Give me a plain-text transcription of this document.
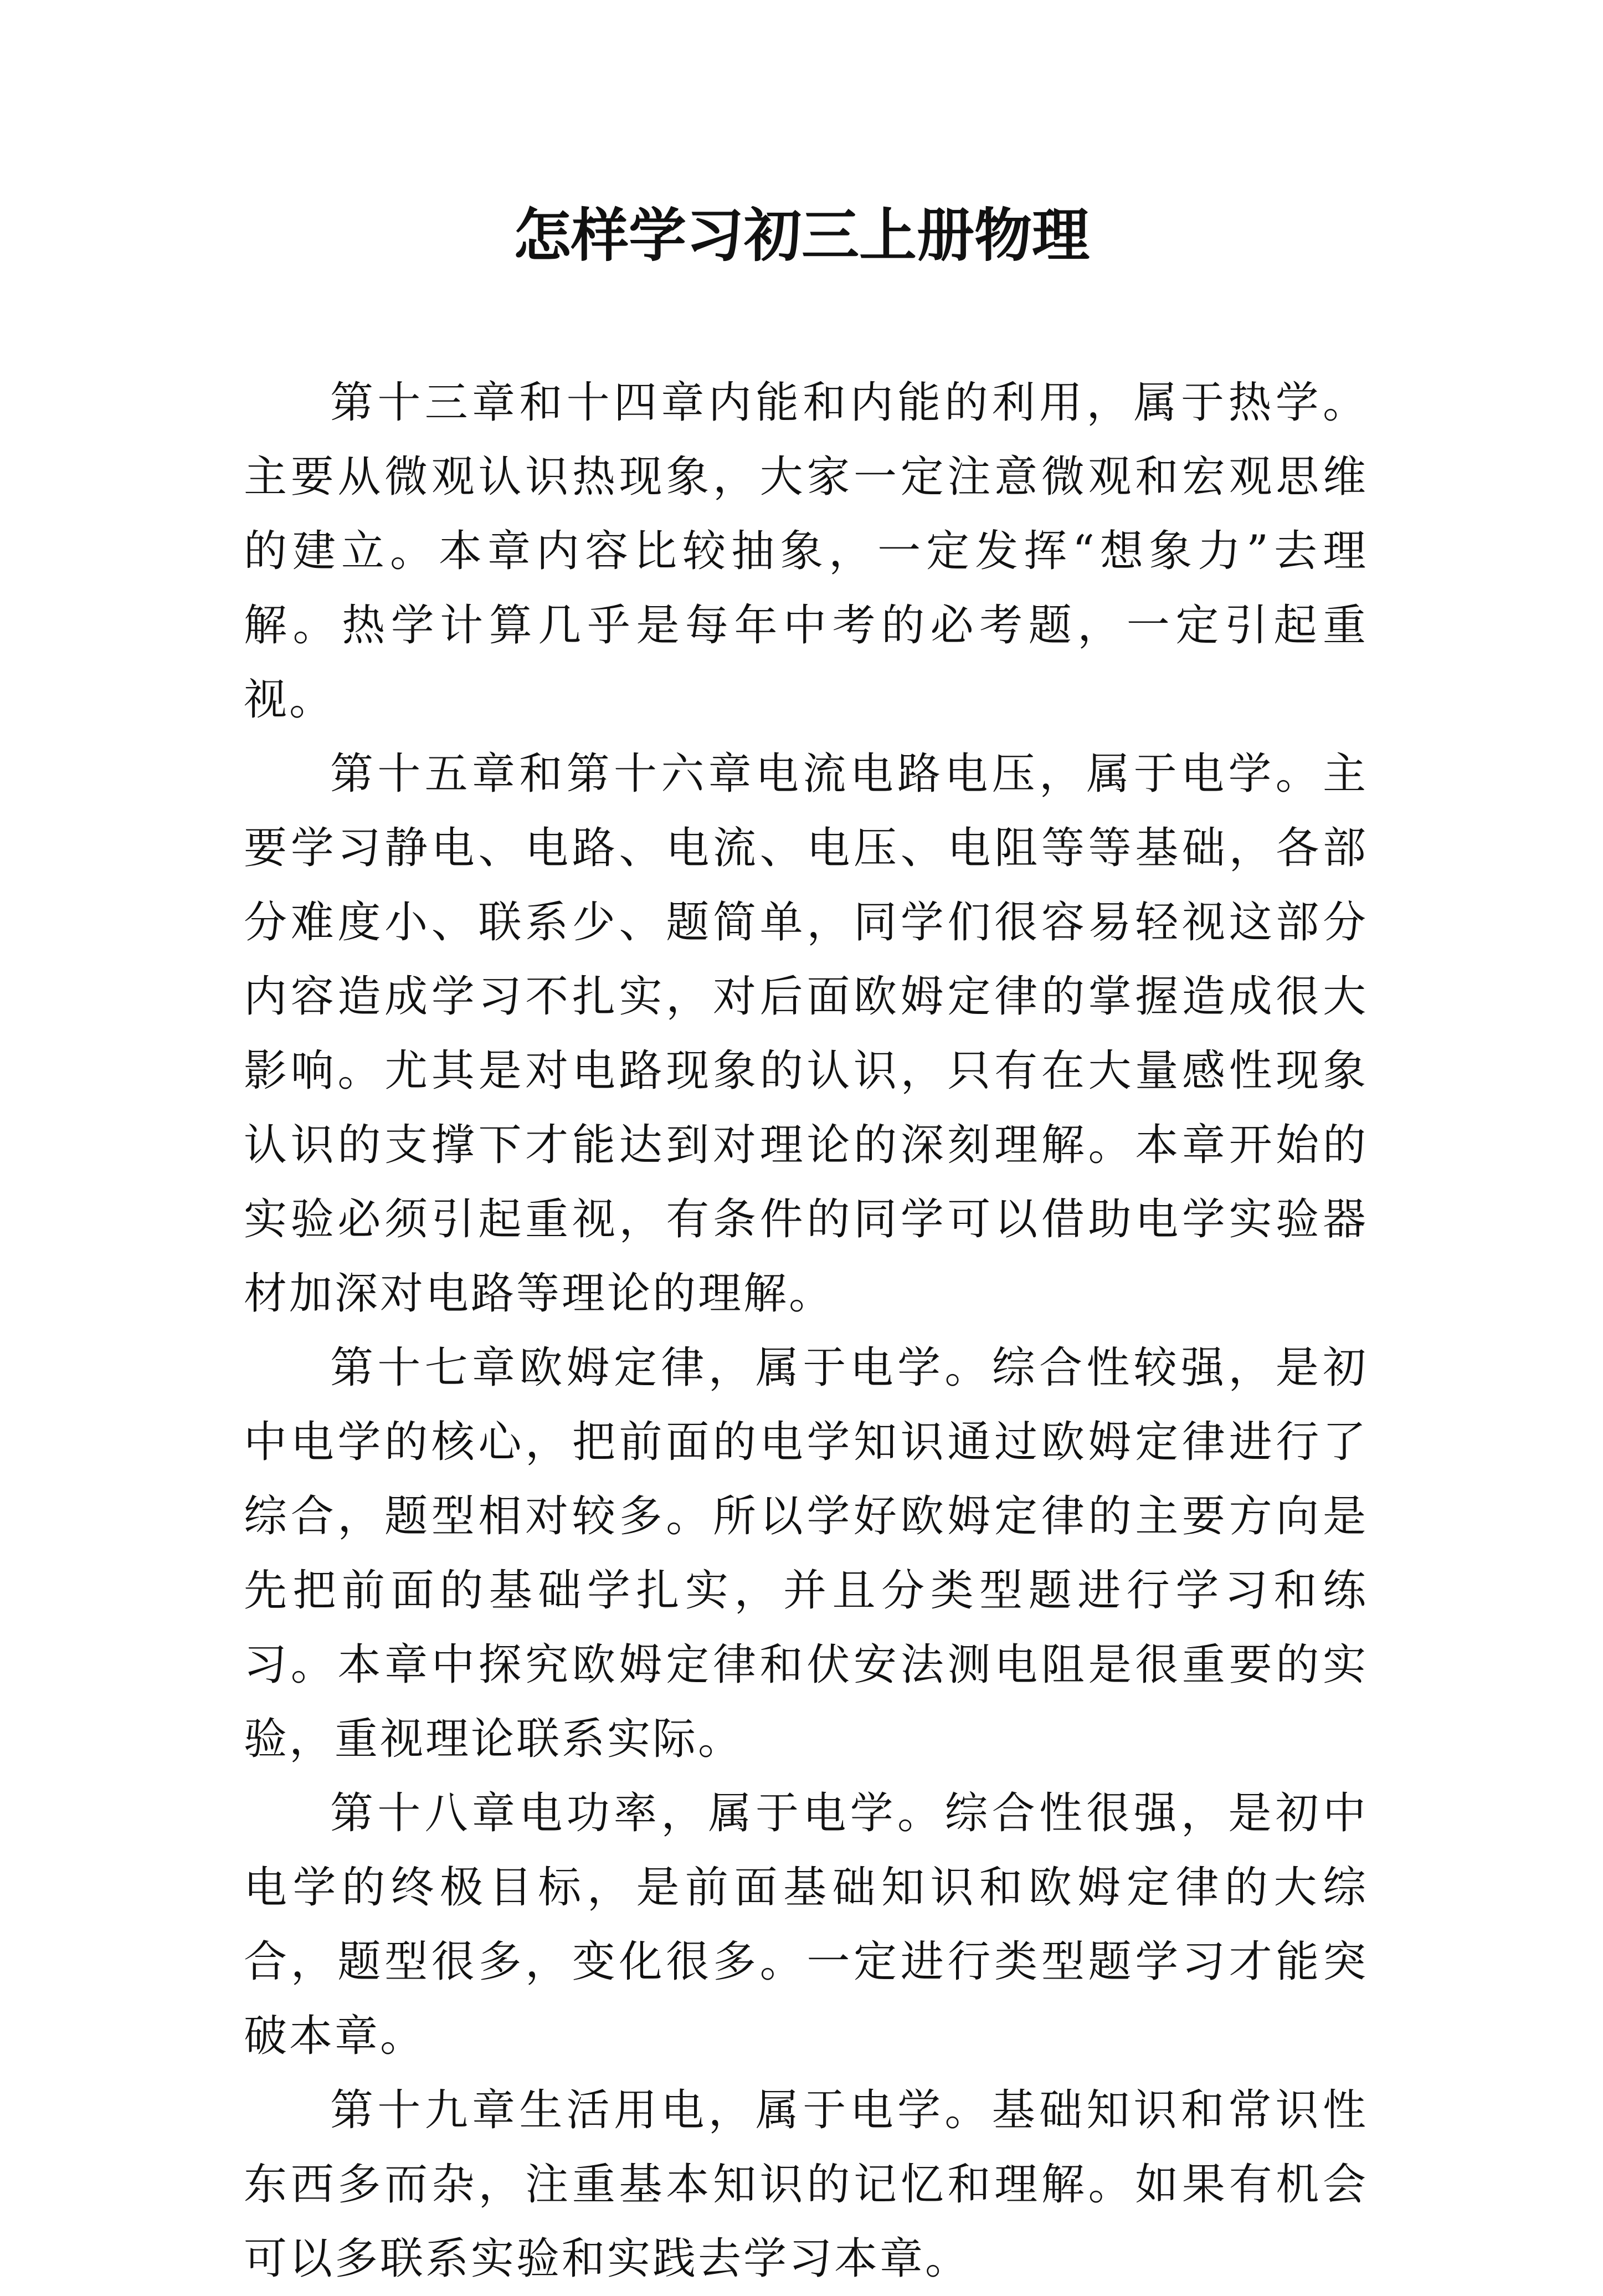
怎样学习初三上册物理

第十三章和十四章内能和内能的利用，属于热学。主要从微观认识热现象，大家一定注意微观和宏观思维的建立。本章内容比较抽象，一定发挥“想象力”去理解。热学计算几乎是每年中考的必考题，一定引起重视。

第十五章和第十六章电流电路电压，属于电学。主要学习静电、电路、电流、电压、电阻等等基础，各部分难度小、联系少、题简单，同学们很容易轻视这部分内容造成学习不扎实，对后面欧姆定律的掌握造成很大影响。尤其是对电路现象的认识，只有在大量感性现象认识的支撑下才能达到对理论的深刻理解。本章开始的实验必须引起重视，有条件的同学可以借助电学实验器材加深对电路等理论的理解。

第十七章欧姆定律，属于电学。综合性较强，是初中电学的核心，把前面的电学知识通过欧姆定律进行了综合，题型相对较多。所以学好欧姆定律的主要方向是先把前面的基础学扎实，并且分类型题进行学习和练习。本章中探究欧姆定律和伏安法测电阻是很重要的实验，重视理论联系实际。

第十八章电功率，属于电学。综合性很强，是初中电学的终极目标，是前面基础知识和欧姆定律的大综合，题型很多，变化很多。一定进行类型题学习才能突破本章。

第十九章生活用电，属于电学。基础知识和常识性东西多而杂，注重基本知识的记忆和理解。如果有机会可以多联系实验和实践去学习本章。
